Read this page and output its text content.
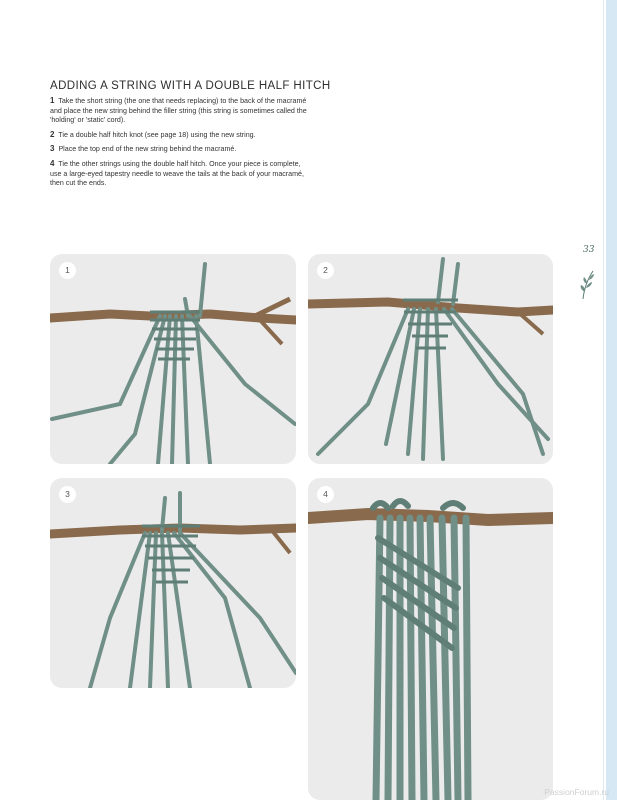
ADDING A STRING WITH A DOUBLE HALF HITCH

1 Take the short string (the one that needs replacing) to the back of the macramé and place the new string behind the filler string (this string is sometimes called the 'holding' or 'static' cord).

2 Tie a double half hitch knot (see page 18) using the new string.

3 Place the top end of the new string behind the macramé.

4 Tie the other strings using the double half hitch. Once your piece is complete, use a large-eyed tapestry needle to weave the tails at the back of your macramé, then cut the ends.

33
1	2
3	4
PassionForum.ru
